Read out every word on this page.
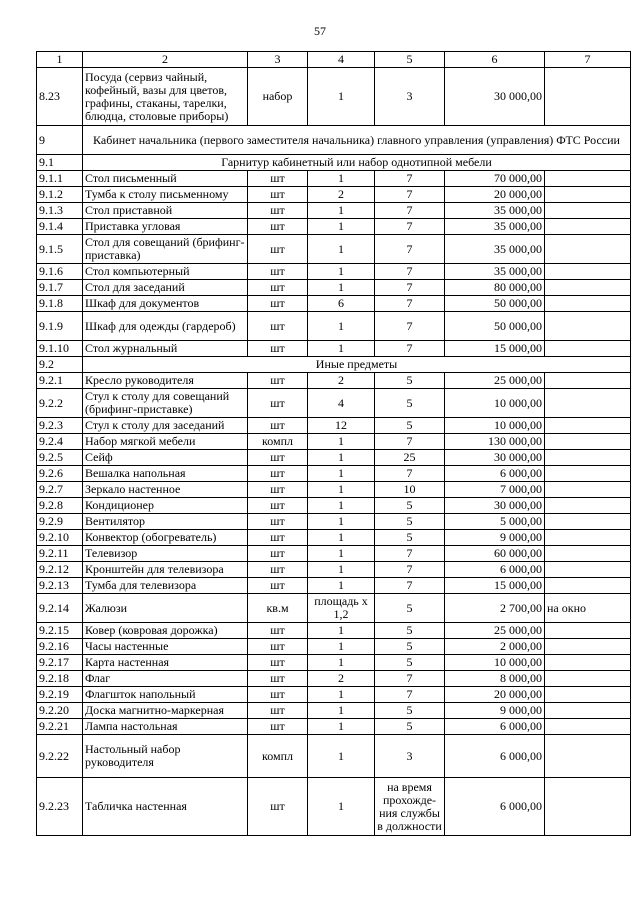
57
1	2	3	4	5	6	7
8.23	Посуда (сервиз чайный, кофейный, вазы для цветов, графины, стаканы, тарелки, блюдца, столовые приборы)	набор	1	3	30 000,00	
9	Кабинет начальника (первого заместителя начальника) главного управления (управления) ФТС России					
9.1	Гарнитур кабинетный или набор однотипной мебели					
9.1.1	Стол письменный	шт	1	7	70 000,00	
9.1.2	Тумба к столу письменному	шт	2	7	20 000,00	
9.1.3	Стол приставной	шт	1	7	35 000,00	
9.1.4	Приставка угловая	шт	1	7	35 000,00	
9.1.5	Стол для совещаний (брифинг-приставка)	шт	1	7	35 000,00	
9.1.6	Стол компьютерный	шт	1	7	35 000,00	
9.1.7	Стол для заседаний	шт	1	7	80 000,00	
9.1.8	Шкаф для документов	шт	6	7	50 000,00	
9.1.9	Шкаф для одежды (гардероб)	шт	1	7	50 000,00	
9.1.10	Стол журнальный	шт	1	7	15 000,00	
9.2	Иные предметы					
9.2.1	Кресло руководителя	шт	2	5	25 000,00	
9.2.2	Стул к столу для совещаний (брифинг-приставке)	шт	4	5	10 000,00	
9.2.3	Стул к столу для заседаний	шт	12	5	10 000,00	
9.2.4	Набор мягкой мебели	компл	1	7	130 000,00	
9.2.5	Сейф	шт	1	25	30 000,00	
9.2.6	Вешалка напольная	шт	1	7	6 000,00	
9.2.7	Зеркало настенное	шт	1	10	7 000,00	
9.2.8	Кондиционер	шт	1	5	30 000,00	
9.2.9	Вентилятор	шт	1	5	5 000,00	
9.2.10	Конвектор (обогреватель)	шт	1	5	9 000,00	
9.2.11	Телевизор	шт	1	7	60 000,00	
9.2.12	Кронштейн для телевизора	шт	1	7	6 000,00	
9.2.13	Тумба для телевизора	шт	1	7	15 000,00	
9.2.14	Жалюзи	кв.м	площадь х 1,2	5	2 700,00	на окно
9.2.15	Ковер (ковровая дорожка)	шт	1	5	25 000,00	
9.2.16	Часы настенные	шт	1	5	2 000,00	
9.2.17	Карта настенная	шт	1	5	10 000,00	
9.2.18	Флаг	шт	2	7	8 000,00	
9.2.19	Флагшток напольный	шт	1	7	20 000,00	
9.2.20	Доска магнитно-маркерная	шт	1	5	9 000,00	
9.2.21	Лампа настольная	шт	1	5	6 000,00	
9.2.22	Настольный набор руководителя	компл	1	3	6 000,00	
9.2.23	Табличка настенная	шт	1	на время прохожде-ния службы в должности	6 000,00	
